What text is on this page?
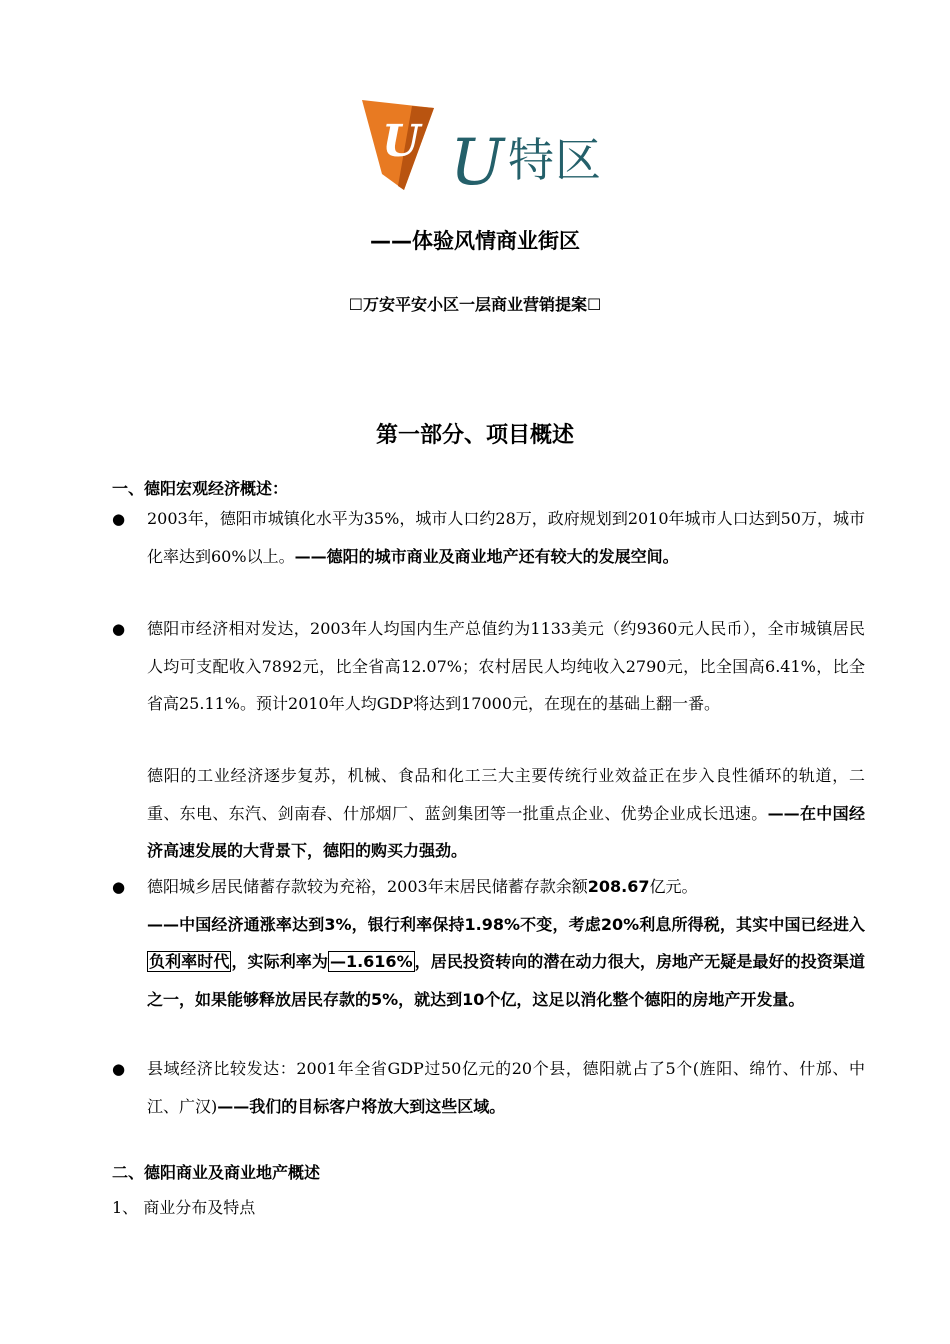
U U 特区
——体验风情商业街区
☐万安平安小区一层商业营销提案☐
第一部分、项目概述
一、德阳宏观经济概述：
●	2003年，德阳市城镇化水平为35%，城市人口约28万，政府规划到2010年城市人口达到50万，城市化率达到60%以上。——德阳的城市商业及商业地产还有较大的发展空间。
●	德阳市经济相对发达，2003年人均国内生产总值约为1133美元（约9360元人民币），全市城镇居民人均可支配收入7892元，比全省高12.07%；农村居民人均纯收入2790元，比全国高6.41%，比全省高25.11%。预计2010年人均GDP将达到17000元，在现在的基础上翻一番。
德阳的工业经济逐步复苏，机械、食品和化工三大主要传统行业效益正在步入良性循环的轨道，二重、东电、东汽、剑南春、什邡烟厂、蓝剑集团等一批重点企业、优势企业成长迅速。——在中国经济高速发展的大背景下，德阳的购买力强劲。
●	德阳城乡居民储蓄存款较为充裕，2003年末居民储蓄存款余额208.67亿元。
——中国经济通涨率达到3%，银行利率保持1.98%不变，考虑20%利息所得税，其实中国已经进入负利率时代 ，实际利率为 —1.616% ，居民投资转向的潜在动力很大，房地产无疑是最好的投资渠道之一，如果能够释放居民存款的5%，就达到10个亿，这足以消化整个德阳的房地产开发量。
●	县域经济比较发达：2001年全省GDP过50亿元的20个县，德阳就占了5个(旌阳、绵竹、什邡、中江、广汉)——我们的目标客户将放大到这些区域。
二、德阳商业及商业地产概述
1、 商业分布及特点
